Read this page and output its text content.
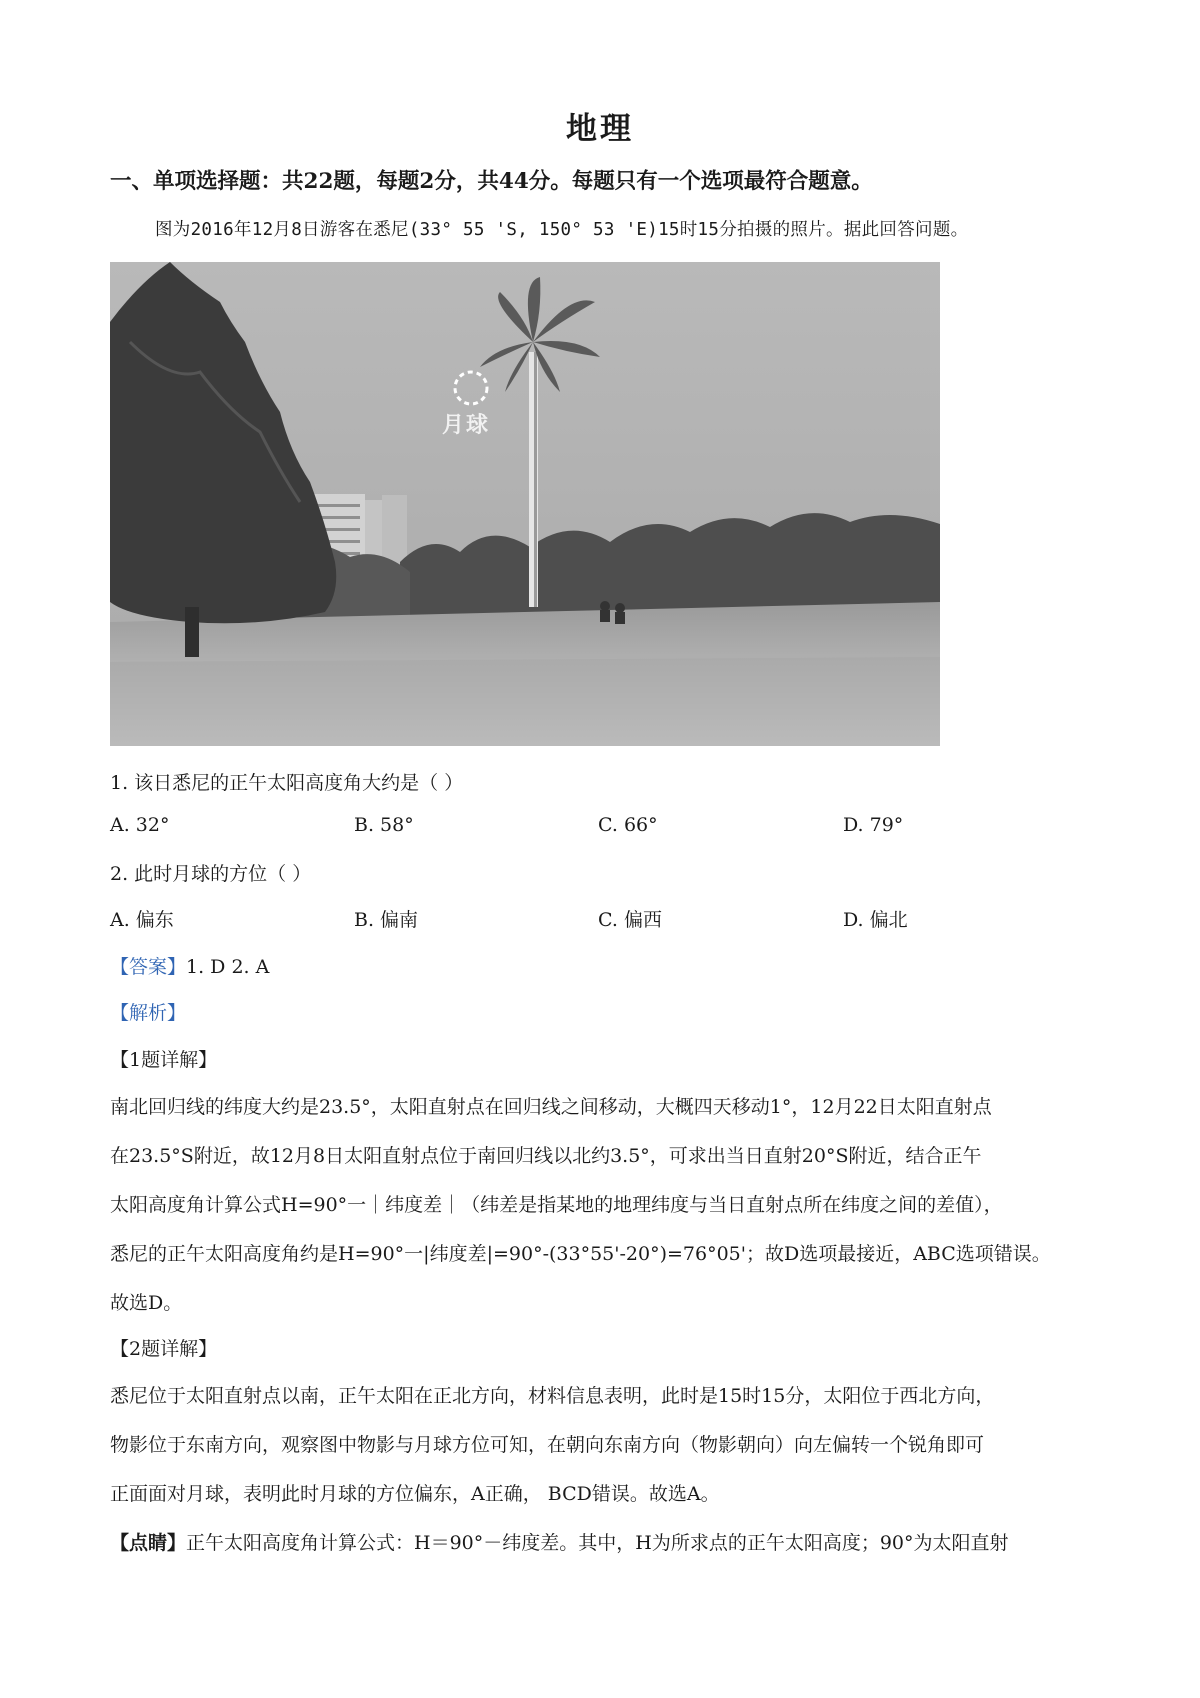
地理
一、单项选择题：共22题，每题2分，共44分。每题只有一个选项最符合题意。
图为2016年12月8日游客在悉尼(33° 55 'S, 150° 53 'E)15时15分拍摄的照片。据此回答问题。
月球
1. 该日悉尼的正午太阳高度角大约是（ ）
A. 32°	B. 58°	C. 66°	D. 79°
2. 此时月球的方位（ ）
A. 偏东	B. 偏南	C. 偏西	D. 偏北
【答案】1. D 2. A
【解析】
【1题详解】
南北回归线的纬度大约是23.5°，太阳直射点在回归线之间移动，大概四天移动1°，12月22日太阳直射点
在23.5°S附近，故12月8日太阳直射点位于南回归线以北约3.5°，可求出当日直射20°S附近，结合正午
太阳高度角计算公式H=90°一｜纬度差｜（纬差是指某地的地理纬度与当日直射点所在纬度之间的差值），
悉尼的正午太阳高度角约是H=90°一|纬度差|=90°-(33°55'-20°)=76°05'；故D选项最接近，ABC选项错误。
故选D。
【2题详解】
悉尼位于太阳直射点以南，正午太阳在正北方向，材料信息表明，此时是15时15分，太阳位于西北方向，
物影位于东南方向，观察图中物影与月球方位可知，在朝向东南方向（物影朝向）向左偏转一个锐角即可
正面面对月球，表明此时月球的方位偏东，A正确， BCD错误。故选A。
【点睛】正午太阳高度角计算公式：H＝90°－纬度差。其中，H为所求点的正午太阳高度；90°为太阳直射
